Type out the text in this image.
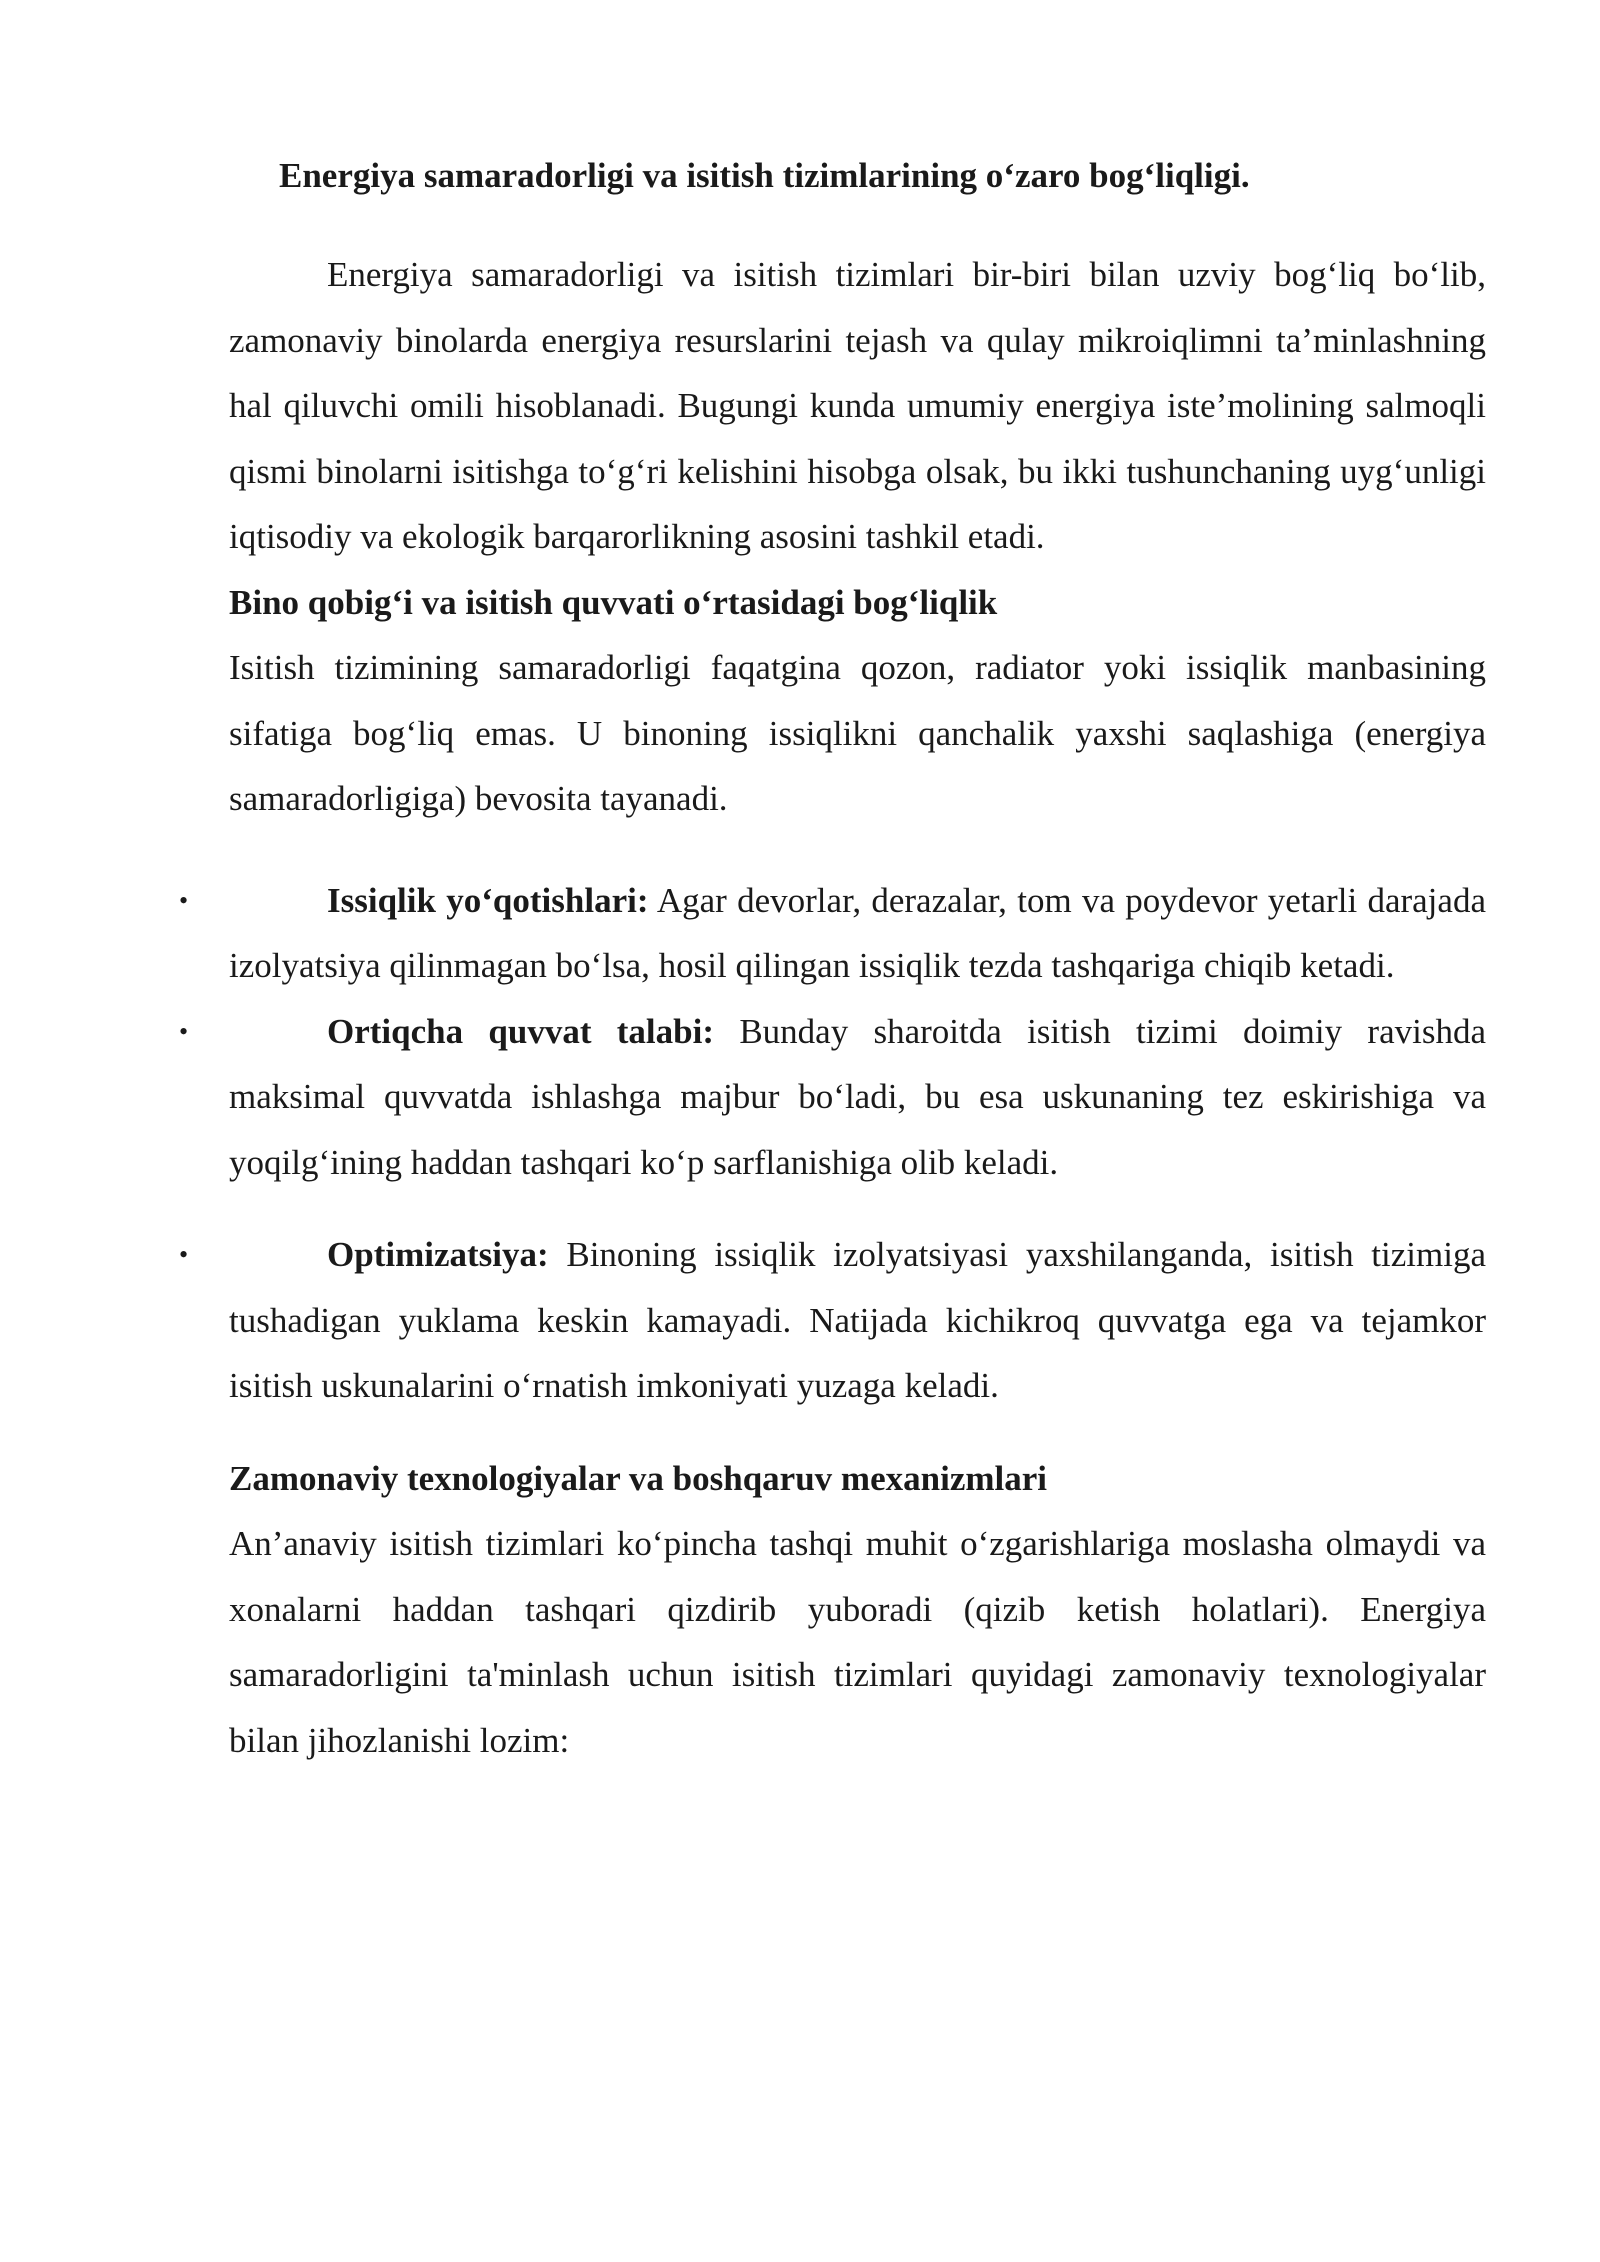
Energiya samaradorligi va isitish tizimlarining o‘zaro bog‘liqligi.

Energiya samaradorligi va isitish tizimlari bir-biri bilan uzviy bog‘liq bo‘lib, zamonaviy binolarda energiya resurslarini tejash va qulay mikroiqlimni ta’minlashning hal qiluvchi omili hisoblanadi. Bugungi kunda umumiy energiya iste’molining salmoqli qismi binolarni isitishga to‘g‘ri kelishini hisobga olsak, bu ikki tushunchaning uyg‘unligi iqtisodiy va ekologik barqarorlikning asosini tashkil etadi.

Bino qobig‘i va isitish quvvati o‘rtasidagi bog‘liqlik

Isitish tizimining samaradorligi faqatgina qozon, radiator yoki issiqlik manbasining sifatiga bog‘liq emas. U binoning issiqlikni qanchalik yaxshi saqlashiga (energiya samaradorligiga) bevosita tayanadi.

•	Issiqlik yo‘qotishlari: Agar devorlar, derazalar, tom va poydevor yetarli darajada izolyatsiya qilinmagan bo‘lsa, hosil qilingan issiqlik tezda tashqariga chiqib ketadi.
•	Ortiqcha quvvat talabi: Bunday sharoitda isitish tizimi doimiy ravishda maksimal quvvatda ishlashga majbur bo‘ladi, bu esa uskunaning tez eskirishiga va yoqilg‘ining haddan tashqari ko‘p sarflanishiga olib keladi.
•	Optimizatsiya: Binoning issiqlik izolyatsiyasi yaxshilanganda, isitish tizimiga tushadigan yuklama keskin kamayadi. Natijada kichikroq quvvatga ega va tejamkor isitish uskunalarini o‘rnatish imkoniyati yuzaga keladi.
Zamonaviy texnologiyalar va boshqaruv mexanizmlari

An’anaviy isitish tizimlari ko‘pincha tashqi muhit o‘zgarishlariga moslasha olmaydi va xonalarni haddan tashqari qizdirib yuboradi (qizib ketish holatlari). Energiya samaradorligini ta'minlash uchun isitish tizimlari quyidagi zamonaviy texnologiyalar bilan jihozlanishi lozim:
